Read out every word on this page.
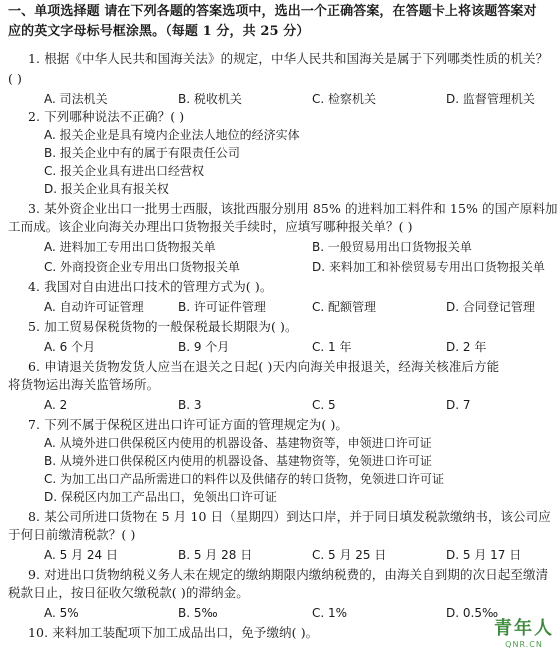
一、单项选择题 请在下列各题的答案选项中，选出一个正确答案，在答题卡上将该题答案对
应的英文字母标号框涂黑。（每题 1 分，共 25 分）
1. 根据《中华人民共和国海关法》的规定，中华人民共和国海关是属于下列哪类性质的机关？
( )
A. 司法机关	B. 税收机关	C. 检察机关	D. 监督管理机关
2. 下列哪种说法不正确？( )
A. 报关企业是具有境内企业法人地位的经济实体
B. 报关企业中有的属于有限责任公司
C. 报关企业具有进出口经营权
D. 报关企业具有报关权
3. 某外资企业出口一批男士西服，该批西服分别用 85% 的进料加工料件和 15% 的国产原料加
工而成。该企业向海关办理出口货物报关手续时，应填写哪种报关单？( )
A. 进料加工专用出口货物报关单	B. 一般贸易用出口货物报关单
C. 外商投资企业专用出口货物报关单	D. 来料加工和补偿贸易专用出口货物报关单
4. 我国对自由进出口技术的管理方式为( )。
A. 自动许可证管理	B. 许可证件管理	C. 配额管理	D. 合同登记管理
5. 加工贸易保税货物的一般保税最长期限为( )。
A. 6 个月	B. 9 个月	C. 1 年	D. 2 年
6. 申请退关货物发货人应当在退关之日起( )天内向海关申报退关，经海关核准后方能
将货物运出海关监管场所。
A. 2	B. 3	C. 5	D. 7
7. 下列不属于保税区进出口许可证方面的管理规定为( )。
A. 从境外进口供保税区内使用的机器设备、基建物资等，申领进口许可证
B. 从境外进口供保税区内使用的机器设备、基建物资等，免领进口许可证
C. 为加工出口产品所需进口的料件以及供储存的转口货物，免领进口许可证
D. 保税区内加工产品出口，免领出口许可证
8. 某公司所进口货物在 5 月 10 日（星期四）到达口岸，并于同日填发税款缴纳书，该公司应
于何日前缴清税款？( )
A. 5 月 24 日	B. 5 月 28 日	C. 5 月 25 日	D. 5 月 17 日
9. 对进出口货物纳税义务人未在规定的缴纳期限内缴纳税费的，由海关自到期的次日起至缴清
税款日止，按日征收欠缴税款( )的滞纳金。
A. 5%	B. 5‰	C. 1%	D. 0.5‰
10. 来料加工装配项下加工成品出口，免予缴纳( )。	青年人
QNR.CN
